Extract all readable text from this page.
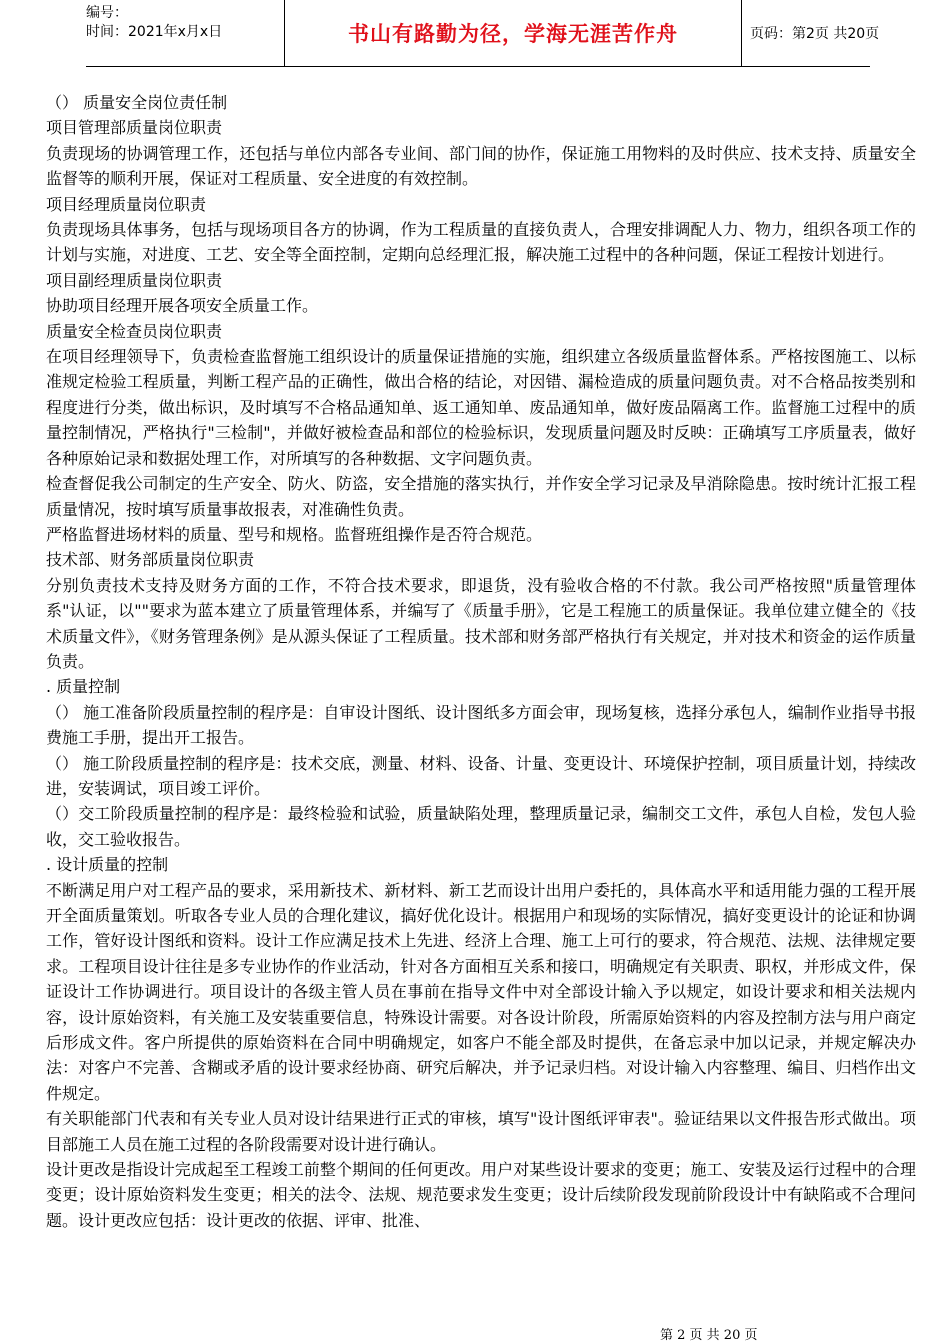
编号：
时间：2021年x月x日	书山有路勤为径，学海无涯苦作舟	页码：第2页 共20页

（） 质量安全岗位责任制

项目管理部质量岗位职责

负责现场的协调管理工作，还包括与单位内部各专业间、部门间的协作，保证施工用物料的及时供应、技术支持、质量安全监督等的顺利开展，保证对工程质量、安全进度的有效控制。

项目经理质量岗位职责

负责现场具体事务，包括与现场项目各方的协调，作为工程质量的直接负责人，合理安排调配人力、物力，组织各项工作的计划与实施，对进度、工艺、安全等全面控制，定期向总经理汇报，解决施工过程中的各种问题，保证工程按计划进行。

项目副经理质量岗位职责

协助项目经理开展各项安全质量工作。

质量安全检查员岗位职责

在项目经理领导下，负责检查监督施工组织设计的质量保证措施的实施，组织建立各级质量监督体系。严格按图施工、以标准规定检验工程质量，判断工程产品的正确性，做出合格的结论，对因错、漏检造成的质量问题负责。对不合格品按类别和程度进行分类，做出标识，及时填写不合格品通知单、返工通知单、废品通知单，做好废品隔离工作。监督施工过程中的质量控制情况，严格执行"三检制"，并做好被检查品和部位的检验标识，发现质量问题及时反映：正确填写工序质量表，做好各种原始记录和数据处理工作，对所填写的各种数据、文字问题负责。

检查督促我公司制定的生产安全、防火、防盗，安全措施的落实执行，并作安全学习记录及早消除隐患。按时统计汇报工程质量情况，按时填写质量事故报表，对准确性负责。

严格监督进场材料的质量、型号和规格。监督班组操作是否符合规范。

技术部、财务部质量岗位职责

分别负责技术支持及财务方面的工作，不符合技术要求，即退货，没有验收合格的不付款。我公司严格按照"质量管理体系"认证，以""要求为蓝本建立了质量管理体系，并编写了《质量手册》，它是工程施工的质量保证。我单位建立健全的《技术质量文件》，《财务管理条例》是从源头保证了工程质量。技术部和财务部严格执行有关规定，并对技术和资金的运作质量负责。

. 质量控制

（） 施工准备阶段质量控制的程序是：自审设计图纸、设计图纸多方面会审，现场复核，选择分承包人，编制作业指导书报费施工手册，提出开工报告。

（） 施工阶段质量控制的程序是：技术交底，测量、材料、设备、计量、变更设计、环境保护控制，项目质量计划，持续改进，安装调试，项目竣工评价。

（）交工阶段质量控制的程序是：最终检验和试验，质量缺陷处理，整理质量记录，编制交工文件，承包人自检，发包人验收，交工验收报告。

. 设计质量的控制

不断满足用户对工程产品的要求，采用新技术、新材料、新工艺而设计出用户委托的，具体高水平和适用能力强的工程开展开全面质量策划。听取各专业人员的合理化建议，搞好优化设计。根据用户和现场的实际情况，搞好变更设计的论证和协调工作，管好设计图纸和资料。设计工作应满足技术上先进、经济上合理、施工上可行的要求，符合规范、法规、法律规定要求。工程项目设计往往是多专业协作的作业活动，针对各方面相互关系和接口，明确规定有关职责、职权，并形成文件，保证设计工作协调进行。项目设计的各级主管人员在事前在指导文件中对全部设计输入予以规定，如设计要求和相关法规内容，设计原始资料，有关施工及安装重要信息，特殊设计需要。对各设计阶段，所需原始资料的内容及控制方法与用户商定后形成文件。客户所提供的原始资料在合同中明确规定，如客户不能全部及时提供，在备忘录中加以记录，并规定解决办法：对客户不完善、含糊或矛盾的设计要求经协商、研究后解决，并予记录归档。对设计输入内容整理、编目、归档作出文件规定。

有关职能部门代表和有关专业人员对设计结果进行正式的审核，填写"设计图纸评审表"。验证结果以文件报告形式做出。项目部施工人员在施工过程的各阶段需要对设计进行确认。

设计更改是指设计完成起至工程竣工前整个期间的任何更改。用户对某些设计要求的变更；施工、安装及运行过程中的合理变更；设计原始资料发生变更；相关的法令、法规、规范要求发生变更；设计后续阶段发现前阶段设计中有缺陷或不合理问题。设计更改应包括：设计更改的依据、评审、批准、

第 2 页 共 20 页
